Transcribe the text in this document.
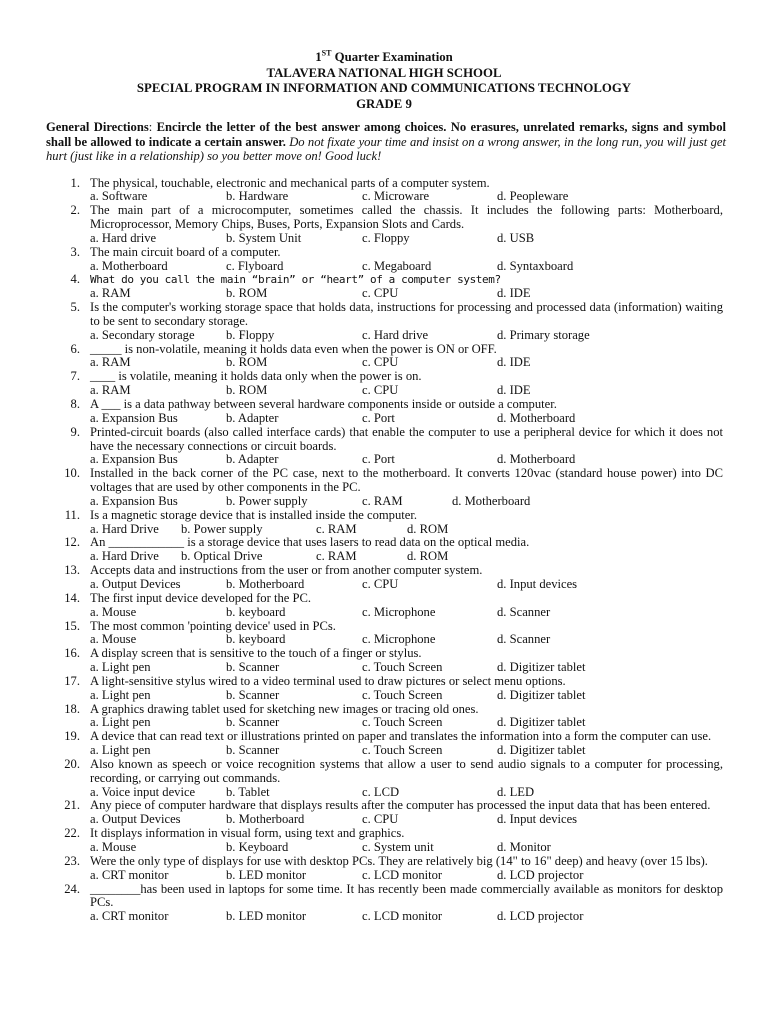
1ST Quarter Examination
TALAVERA NATIONAL HIGH SCHOOL
SPECIAL PROGRAM IN INFORMATION AND COMMUNICATIONS TECHNOLOGY
GRADE 9
General Directions: Encircle the letter of the best answer among choices. No erasures, unrelated remarks, signs and symbol shall be allowed to indicate a certain answer. Do not fixate your time and insist on a wrong answer, in the long run, you will just get hurt (just like in a relationship) so you better move on! Good luck!
1. The physical, touchable, electronic and mechanical parts of a computer system.
a. Software	b. Hardware	c. Microware	d. Peopleware
2. The main part of a microcomputer, sometimes called the chassis. It includes the following parts: Motherboard, Microprocessor, Memory Chips, Buses, Ports, Expansion Slots and Cards.
a. Hard drive	b. System Unit	c. Floppy	d. USB
3. The main circuit board of a computer.
a. Motherboard	c. Flyboard	c. Megaboard	d. Syntaxboard
4. What do you call the main “brain” or “heart” of a computer system?
a. RAM	b. ROM	c. CPU	d. IDE
5. Is the computer's working storage space that holds data, instructions for processing and processed data (information) waiting to be sent to secondary storage.
a. Secondary storage b. Floppy	c. Hard drive	d. Primary storage
6. _____ is non-volatile, meaning it holds data even when the power is ON or OFF.
a. RAM	b. ROM	c. CPU	d. IDE
7. ____ is volatile, meaning it holds data only when the power is on.
a. RAM	b. ROM	c. CPU	d. IDE
8. A ___ is a data pathway between several hardware components inside or outside a computer.
a. Expansion Bus	b. Adapter	c. Port	d. Motherboard
9. Printed-circuit boards (also called interface cards) that enable the computer to use a peripheral device for which it does not have the necessary connections or circuit boards.
a. Expansion Bus	b. Adapter	c. Port	d. Motherboard
10. Installed in the back corner of the PC case, next to the motherboard. It converts 120vac (standard house power) into DC voltages that are used by other components in the PC.
a. Expansion Bus	b. Power supply	c. RAM	d. Motherboard
11. Is a magnetic storage device that is installed inside the computer.
a. Hard Drive b. Power supply	c. RAM	d. ROM
12. An ____________ is a storage device that uses lasers to read data on the optical media.
a. Hard Drive b. Optical Drive	c. RAM	d. ROM
13. Accepts data and instructions from the user or from another computer system.
a. Output Devices	b. Motherboard	c. CPU	d. Input devices
14. The first input device developed for the PC.
a. Mouse	b. keyboard	c. Microphone	d. Scanner
15. The most common 'pointing device' used in PCs.
a. Mouse	b. keyboard	c. Microphone	d. Scanner
16. A display screen that is sensitive to the touch of a finger or stylus.
a. Light pen	b. Scanner	c. Touch Screen	d. Digitizer tablet
17. A light-sensitive stylus wired to a video terminal used to draw pictures or select menu options.
a. Light pen	b. Scanner	c. Touch Screen	d. Digitizer tablet
18. A graphics drawing tablet used for sketching new images or tracing old ones.
a. Light pen	b. Scanner	c. Touch Screen	d. Digitizer tablet
19. A device that can read text or illustrations printed on paper and translates the information into a form the computer can use.
a. Light pen	b. Scanner	c. Touch Screen	d. Digitizer tablet
20. Also known as speech or voice recognition systems that allow a user to send audio signals to a computer for processing, recording, or carrying out commands.
a. Voice input device b. Tablet	c. LCD	d. LED
21. Any piece of computer hardware that displays results after the computer has processed the input data that has been entered.
a. Output Devices	b. Motherboard	c. CPU	d. Input devices
22. It displays information in visual form, using text and graphics.
a. Mouse	b. Keyboard	c. System unit	d. Monitor
23. Were the only type of displays for use with desktop PCs. They are relatively big (14" to 16" deep) and heavy (over 15 lbs).
a. CRT monitor	b. LED monitor	c. LCD monitor	d. LCD projector
24. ________has been used in laptops for some time. It has recently been made commercially available as monitors for desktop PCs.
a. CRT monitor	b. LED monitor	c. LCD monitor	d. LCD projector
